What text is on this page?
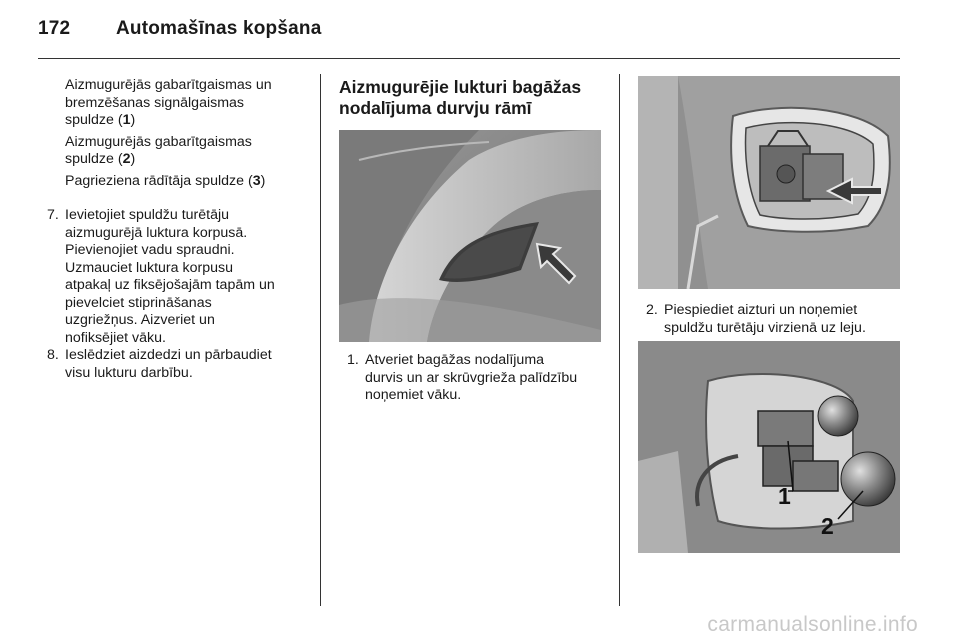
172 Automašīnas kopšana

Aizmugurējās gabarītgaismas un

bremzēšanas signālgaismas

spuldze (1)

Aizmugurējās gabarītgaismas

spuldze (2)

Pagrieziena rādītāja spuldze (3)

7. Ievietojiet spuldžu turētāju

aizmugurējā luktura korpusā.

Pievienojiet vadu spraudni.

Uzmauciet luktura korpusu

atpakaļ uz fiksējošajām tapām un

pievelciet stiprināšanas

uzgriežņus. Aizveriet un

nofiksējiet vāku.

8. Ieslēdziet aizdedzi un pārbaudiet

visu lukturu darbību.

Aizmugurējie lukturi bagāžas
nodalījuma durvju rāmī
1. Atveriet bagāžas nodalījuma

durvis un ar skrūvgrieža palīdzību

noņemiet vāku.

2. Piespiediet aizturi un noņemiet

spuldžu turētāju virzienā uz leju.

1
2
carmanualsonline.info
